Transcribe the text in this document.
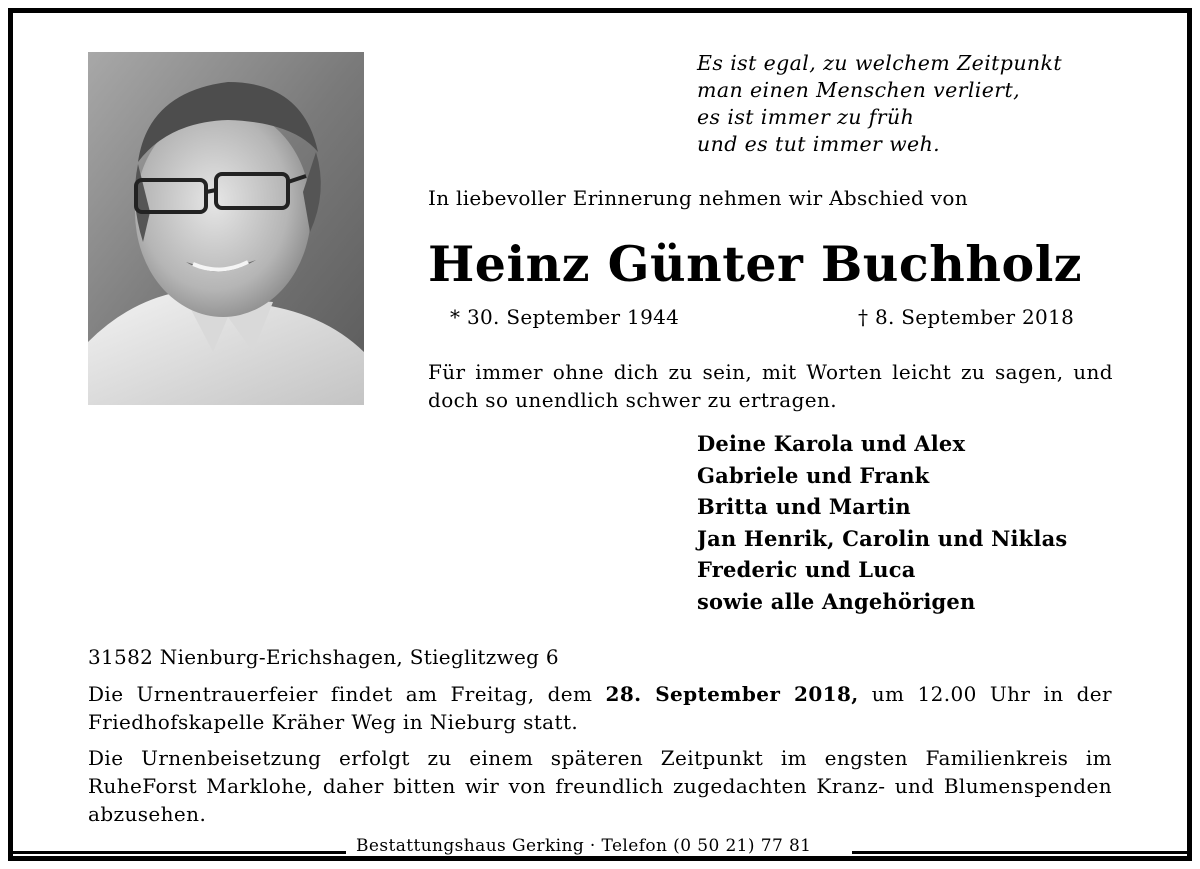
Es ist egal, zu welchem Zeitpunkt
man einen Menschen verliert,
es ist immer zu früh
und es tut immer weh.
In liebevoller Erinnerung nehmen wir Abschied von
Heinz Günter Buchholz
* 30. September 1944	† 8. September 2018
Für immer ohne dich zu sein, mit Worten leicht zu sagen, und doch so unendlich schwer zu ertragen.
Deine Karola und Alex
Gabriele und Frank
Britta und Martin
Jan Henrik, Carolin und Niklas
Frederic und Luca
sowie alle Angehörigen
31582 Nienburg-Erichshagen, Stieglitzweg 6
Die Urnentrauerfeier findet am Freitag, dem 28. September 2018, um 12.00 Uhr in der Friedhofskapelle Kräher Weg in Nieburg statt.
Die Urnenbeisetzung erfolgt zu einem späteren Zeitpunkt im engsten Familienkreis im RuheForst Marklohe, daher bitten wir von freundlich zugedachten Kranz- und Blumenspenden abzusehen.
Bestattungshaus Gerking · Telefon (0 50 21) 77 81
